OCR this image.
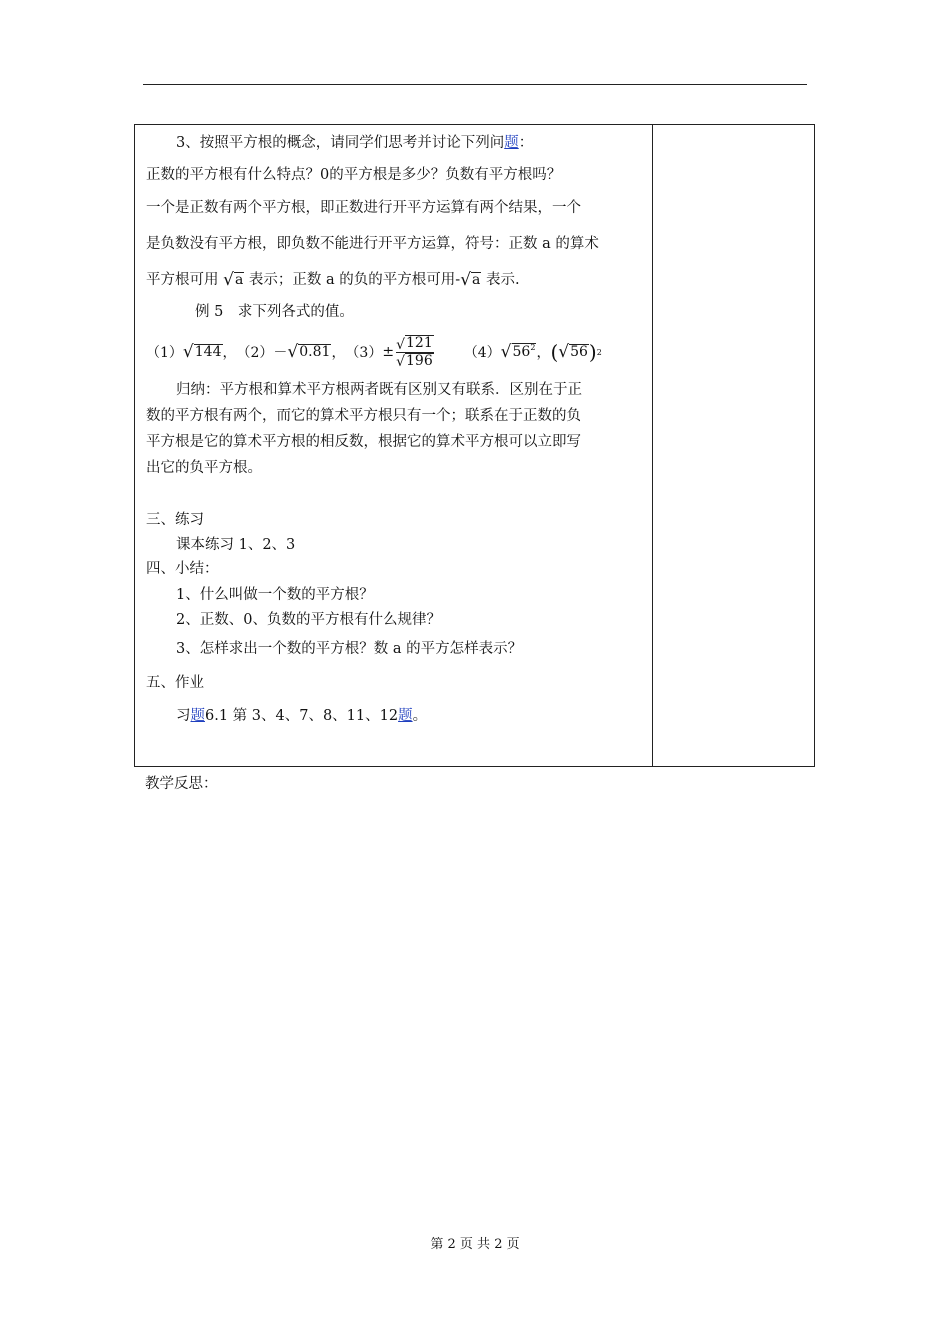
3、按照平方根的概念，请同学们思考并讨论下列问题：
正数的平方根有什么特点？0的平方根是多少？负数有平方根吗？
一个是正数有两个平方根，即正数进行开平方运算有两个结果，一个
是负数没有平方根，即负数不能进行开平方运算，符号：正数 a 的算术
平方根可用 √ a 表示；正数 a 的负的平方根可用- √ a 表示.
例 5　求下列各式的值。
（1） √ 144 ，　（2）－ √ 0.81 ，　$(3) \pm \frac{√ 121}{√ 196} (4)$ √ $56^2$ ， ( √ 56 ) 2
归纳：平方根和算术平方根两者既有区别又有联系．区别在于正
数的平方根有两个，而它的算术平方根只有一个；联系在于正数的负
平方根是它的算术平方根的相反数，根据它的算术平方根可以立即写
出它的负平方根。
三、练习
课本练习 1、2、3
四、小结：
1、什么叫做一个数的平方根？
2、正数、0、负数的平方根有什么规律？
3、怎样求出一个数的平方根？数 a 的平方怎样表示？
五、作业
习题6.1 第 3、4、7、8、11、12题。
教学反思：
第 2 页 共 2 页
